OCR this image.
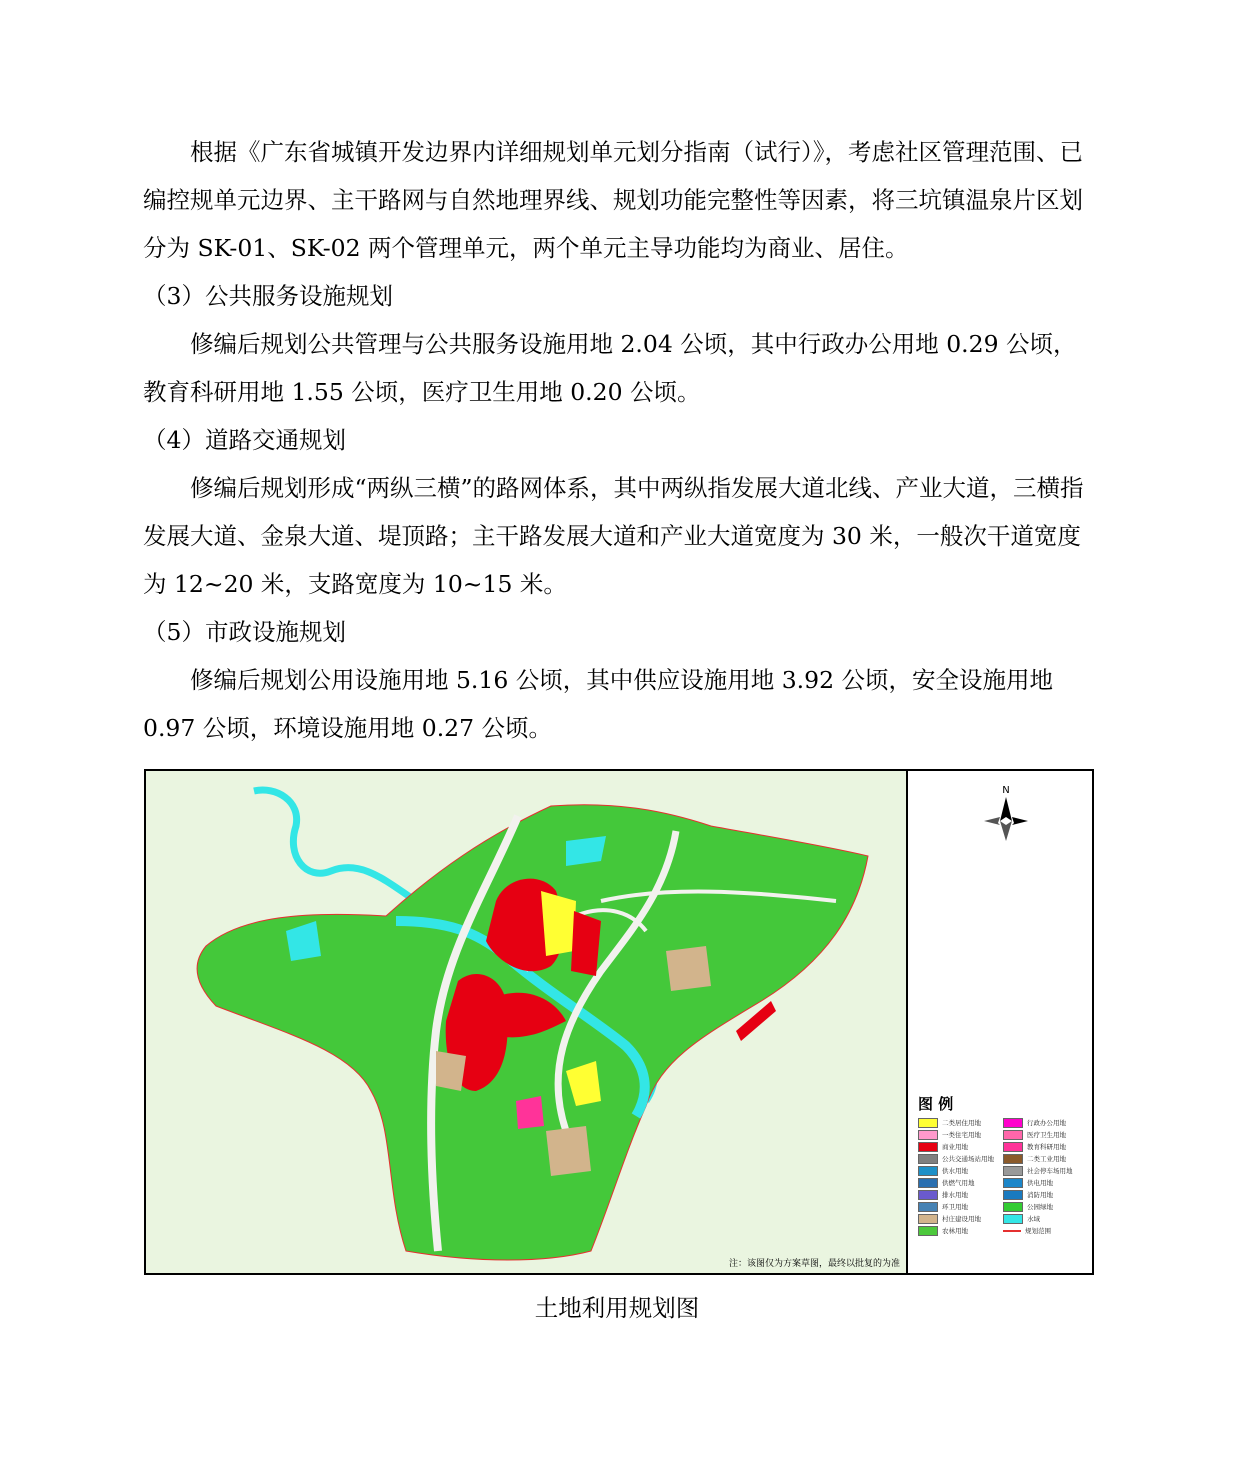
根据《广东省城镇开发边界内详细规划单元划分指南（试行）》，考虑社区管理范围、已编控规单元边界、主干路网与自然地理界线、规划功能完整性等因素，将三坑镇温泉片区划分为 SK-01、SK-02 两个管理单元，两个单元主导功能均为商业、居住。

（3）公共服务设施规划

修编后规划公共管理与公共服务设施用地 2.04 公顷，其中行政办公用地 0.29 公顷，教育科研用地 1.55 公顷，医疗卫生用地 0.20 公顷。

（4）道路交通规划

修编后规划形成“两纵三横”的路网体系，其中两纵指发展大道北线、产业大道，三横指发展大道、金泉大道、堤顶路；主干路发展大道和产业大道宽度为 30 米，一般次干道宽度为 12~20 米，支路宽度为 10~15 米。

（5）市政设施规划

修编后规划公用设施用地 5.16 公顷，其中供应设施用地 3.92 公顷，安全设施用地 0.97 公顷，环境设施用地 0.27 公顷。

注：该图仅为方案草图，最终以批复的为准
N
图 例
二类居住用地	行政办公用地
一类住宅用地	医疗卫生用地
商业用地	教育科研用地
公共交通场站用地	二类工业用地
供水用地	社会停车场用地
供燃气用地	供电用地
排水用地	消防用地
环卫用地	公园绿地
村庄建设用地	水域
农林用地	规划范围
土地利用规划图
